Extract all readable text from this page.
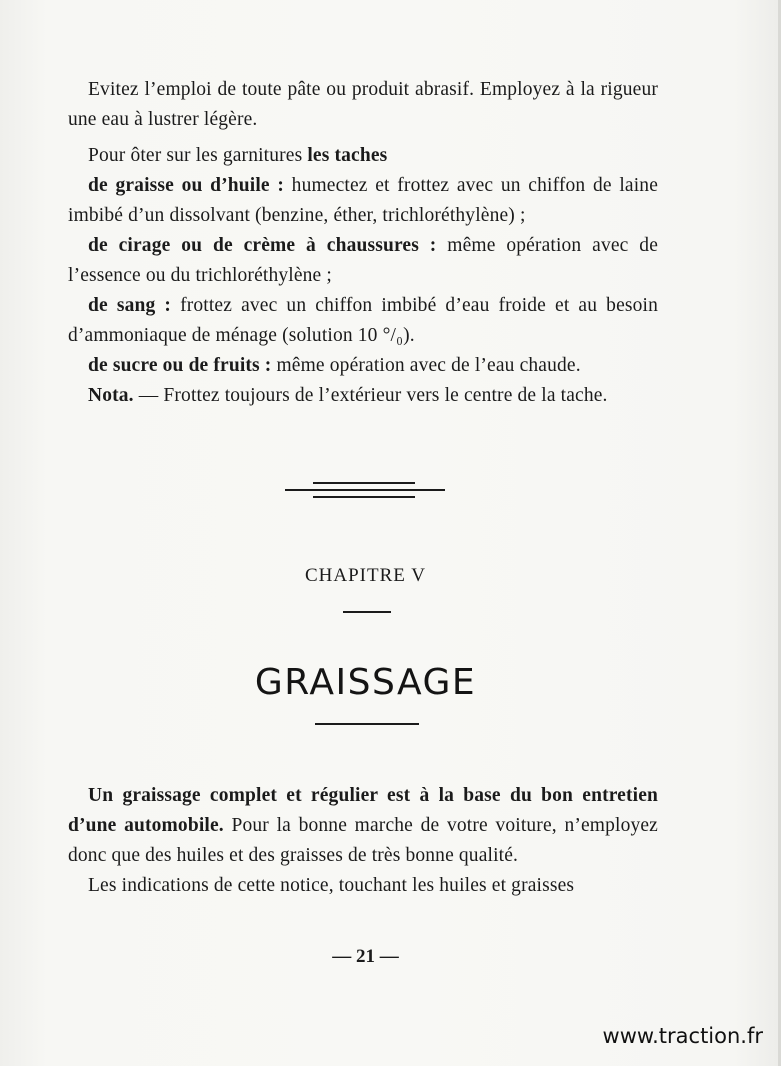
Evitez l’emploi de toute pâte ou produit abrasif. Employez à la rigueur une eau à lustrer légère.

Pour ôter sur les garnitures les taches

de graisse ou d’huile : humectez et frottez avec un chiffon de laine imbibé d’un dissolvant (benzine, éther, trichloréthylène) ;

de cirage ou de crème à chaussures : même opération avec de l’essence ou du trichloréthylène ;

de sang : frottez avec un chiffon imbibé d’eau froide et au besoin d’ammoniaque de ménage (solution 10 °/₀).

de sucre ou de fruits : même opération avec de l’eau chaude.

Nota. — Frottez toujours de l’extérieur vers le centre de la tache.

CHAPITRE V
GRAISSAGE

Un graissage complet et régulier est à la base du bon entretien d’une automobile. Pour la bonne marche de votre voiture, n’employez donc que des huiles et des graisses de très bonne qualité.

Les indications de cette notice, touchant les huiles et graisses

— 21 —
www.traction.fr
